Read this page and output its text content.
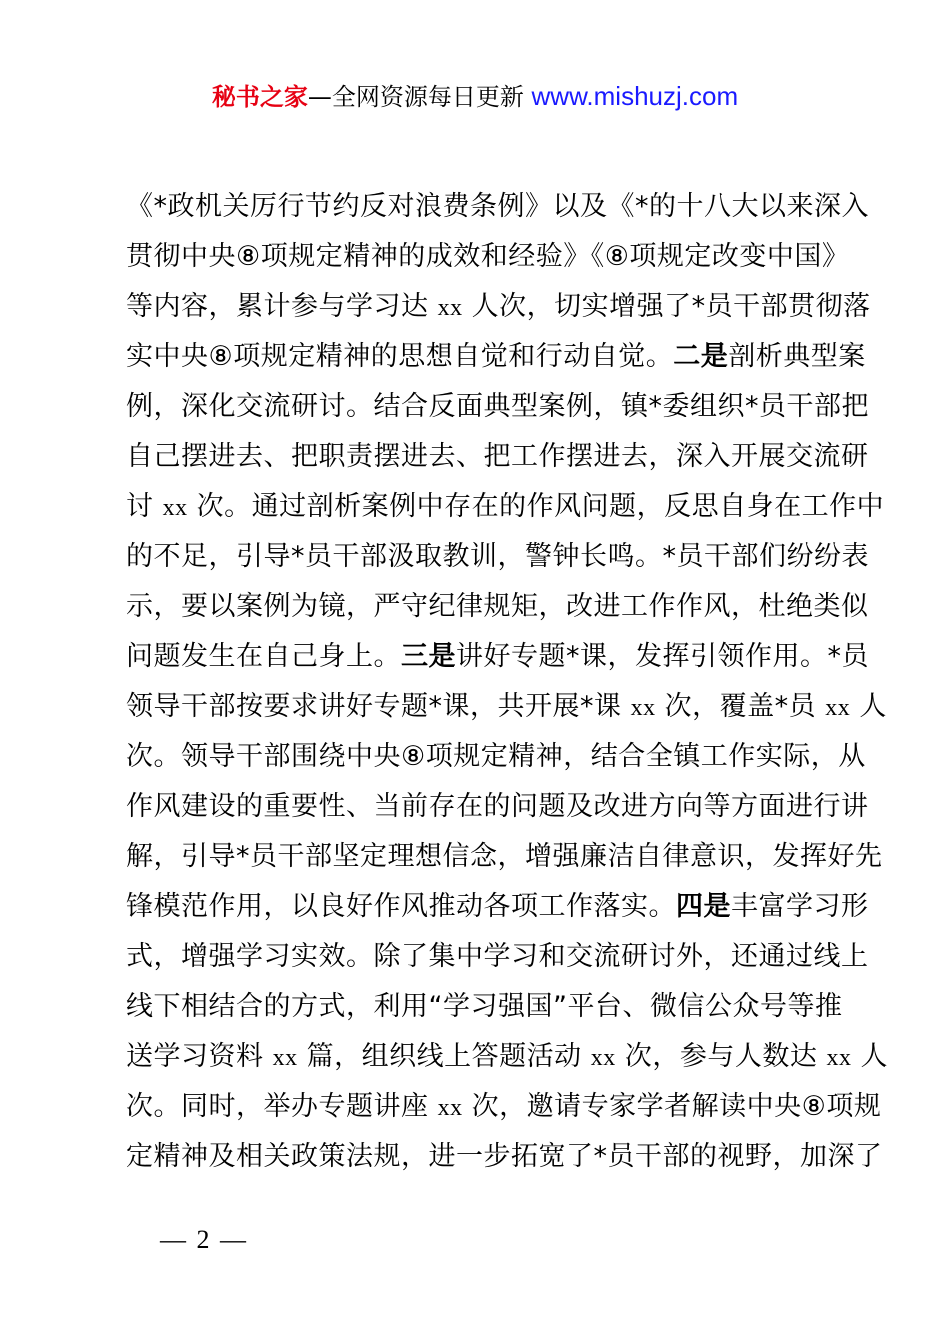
秘书之家—全网资源每日更新 www.mishuzj.com
《*政机关厉行节约反对浪费条例》以及《*的十八大以来深入
贯彻中央⑧项规定精神的成效和经验》《⑧项规定改变中国》
等内容，累计参与学习达 xx 人次，切实增强了*员干部贯彻落
实中央⑧项规定精神的思想自觉和行动自觉。二是剖析典型案
例，深化交流研讨。结合反面典型案例，镇*委组织*员干部把
自己摆进去、把职责摆进去、把工作摆进去，深入开展交流研
讨 xx 次。通过剖析案例中存在的作风问题，反思自身在工作中
的不足，引导*员干部汲取教训，警钟长鸣。*员干部们纷纷表
示，要以案例为镜，严守纪律规矩，改进工作作风，杜绝类似
问题发生在自己身上。三是讲好专题*课，发挥引领作用。*员
领导干部按要求讲好专题*课，共开展*课 xx 次，覆盖*员 xx 人
次。领导干部围绕中央⑧项规定精神，结合全镇工作实际，从
作风建设的重要性、当前存在的问题及改进方向等方面进行讲
解，引导*员干部坚定理想信念，增强廉洁自律意识，发挥好先
锋模范作用，以良好作风推动各项工作落实。四是丰富学习形
式，增强学习实效。除了集中学习和交流研讨外，还通过线上
线下相结合的方式，利用“学习强国”平台、微信公众号等推
送学习资料 xx 篇，组织线上答题活动 xx 次，参与人数达 xx 人
次。同时，举办专题讲座 xx 次，邀请专家学者解读中央⑧项规
定精神及相关政策法规，进一步拓宽了*员干部的视野，加深了
— 2 —
